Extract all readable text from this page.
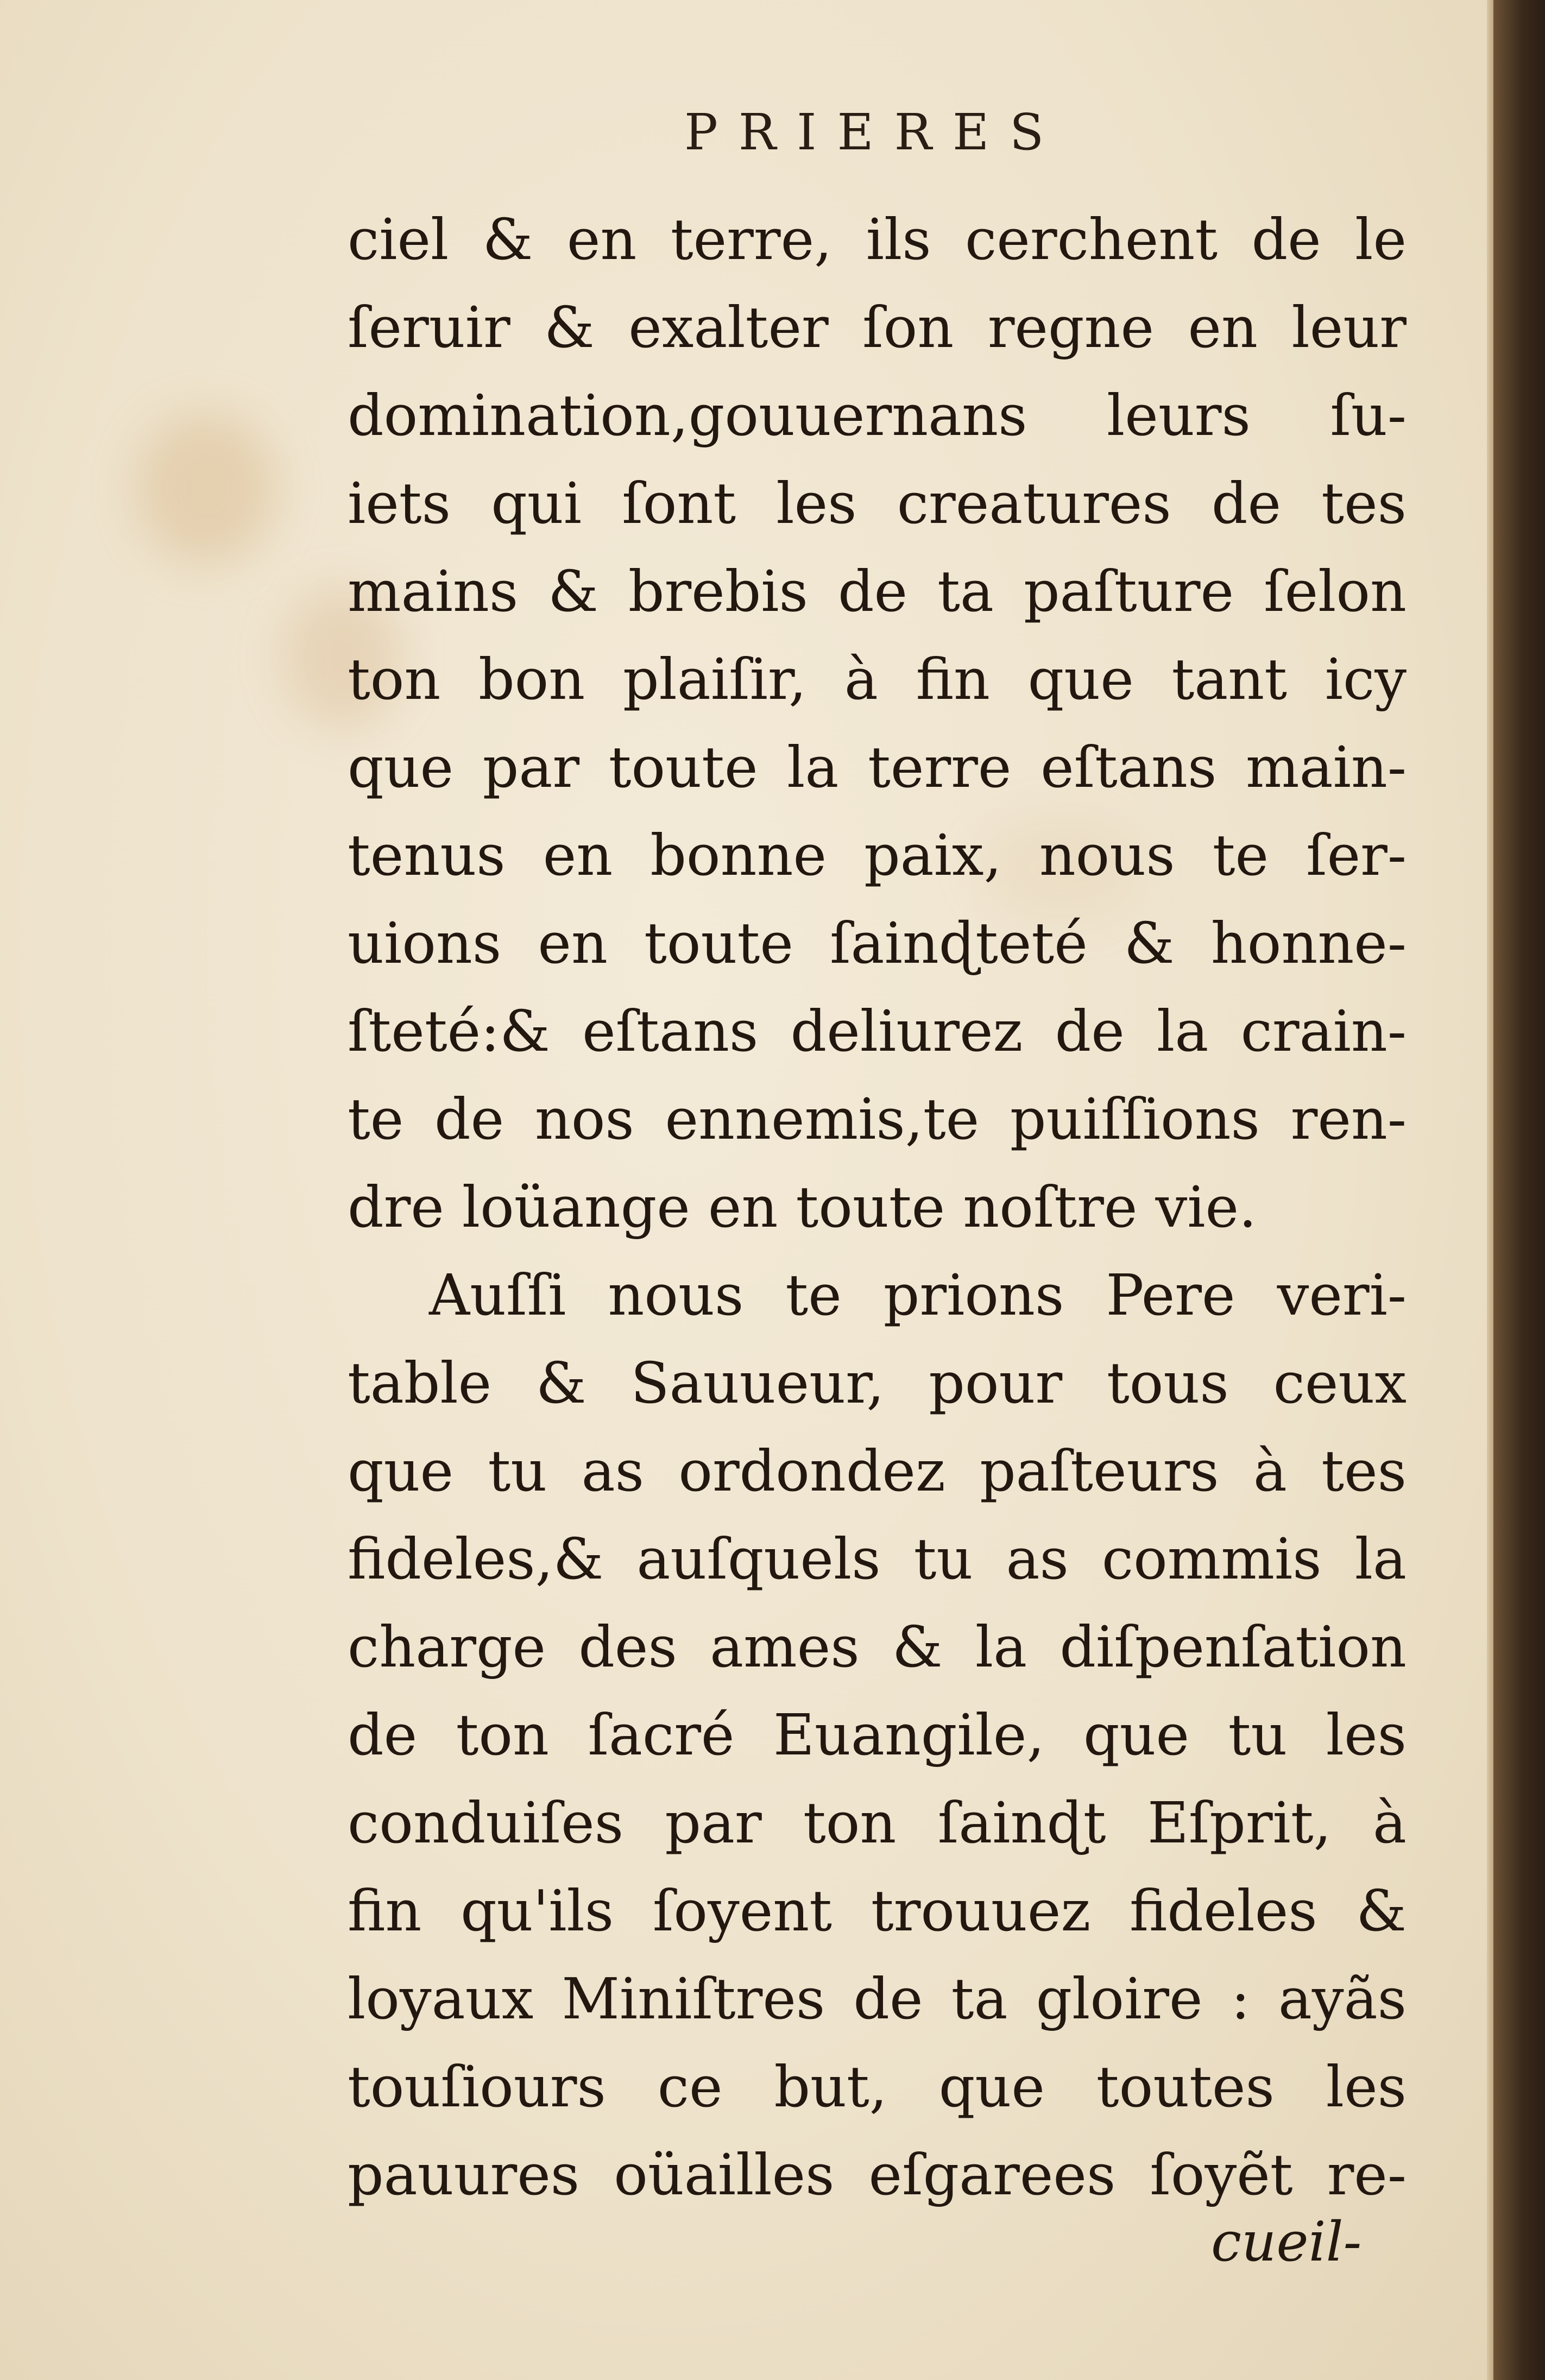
PRIERES
ciel & en terre, ils cerchent de le
ſeruir & exalter ſon regne en leur
domination,gouuernans leurs ſu-
iets qui ſont les creatures de tes
mains & brebis de ta paſture ſelon
ton bon plaiſir, à fin que tant icy
que par toute la terre eſtans main-
tenus en bonne paix, nous te ſer-
uions en toute ſainɖteté & honne-
ſteté:& eſtans deliurez de la crain-
te de nos ennemis,te puiſſions ren-
dre loüange en toute noſtre vie.
Auſſi nous te prions Pere veri-
table & Sauueur, pour tous ceux
que tu as ordondez paſteurs à tes
fideles,& auſquels tu as commis la
charge des ames & la diſpenſation
de ton ſacré Euangile, que tu les
conduiſes par ton ſainɖt Eſprit, à
fin qu'ils ſoyent trouuez fideles &
loyaux Miniſtres de ta gloire : ayãs
touſiours ce but, que toutes les
pauures oüailles eſgarees ſoyẽt re-
cueil-
